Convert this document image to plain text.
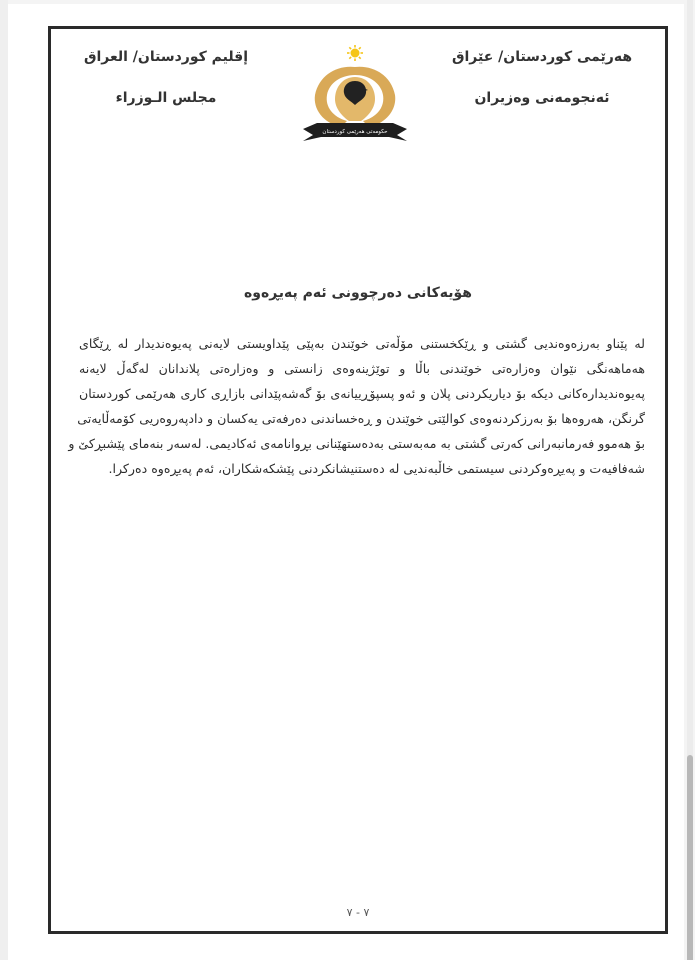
إقليم كوردستان/ العراق
مجلس الـوزراء
حکومەتی هەرێمی کوردستان
هەرێمی کوردستان/ عێراق
ئەنجومەنی وەزیران
هۆیەکانی دەرچوونی ئەم پەیڕەوە
لە پێناو بەرزەوەندیی گشتی و ڕێکخستنی مۆڵەتی خوێندن بەپێی پێداویستی لایەنی پەیوەندیدار لە ڕێگای
هەماهەنگی نێوان وەزارەتی خوێندنی باڵا و توێژینەوەی زانستی و وەزارەتی پلاندانان لەگەڵ لایەنە
پەیوەندیدارەکانی دیکە بۆ دیاریکردنی پلان و ئەو پسپۆڕییانەی بۆ گەشەپێدانی بازاڕی کاری هەرێمی کوردستان
گرنگن، هەروەها بۆ بەرزکردنەوەی کوالێتی خوێندن و ڕەخساندنی دەرفەتی یەکسان و دادپەروەریی کۆمەڵایەتی
بۆ هەموو فەرمانبەرانی کەرتی گشتی بە مەبەستی بەدەستهێنانی بڕوانامەی ئەکادیمی. لەسەر بنەمای پێشبڕکێ و
شەفافیەت و پەیڕەوکردنی سیستمی خاڵبەندیی لە دەستنیشانکردنی پێشکەشکاران، ئەم پەیڕەوە دەرکرا.
٧ - ٧
